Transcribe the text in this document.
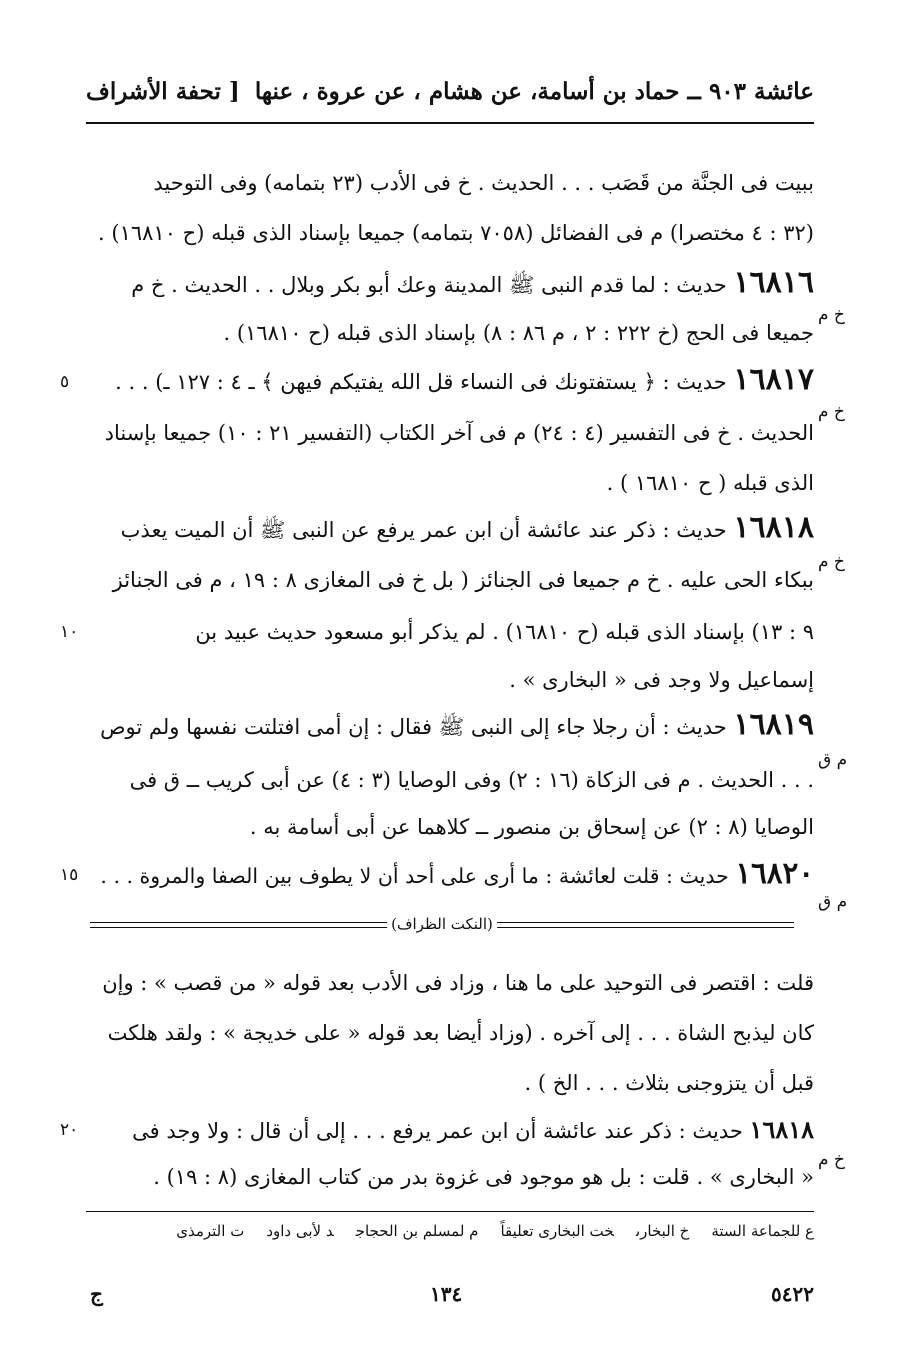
عائشة ٩٠٣ ــ حماد بن أسامة، عن هشام ، عن عروة ، عنها
[ تحفة الأشراف
ببيت فى الجنَّة من قَصَب . . . الحديث . خ فى الأدب (٢٣ بتمامه) وفى التوحيد
(٣٢ : ٤ مختصرا) م فى الفضائل (٧٠٥٨ بتمامه) جميعا بإسناد الذى قبله (ح ١٦٨١٠) .
١٦٨١٦ حديث : لما قدم النبى ﷺ المدينة وعك أبو بكر وبلال . . الحديث . خ م
جميعا فى الحج (خ ٢٢٢ : ٢ ، م ٨٦ : ٨) بإسناد الذى قبله (ح ١٦٨١٠) .
١٦٨١٧ حديث : ﴿ يستفتونك فى النساء قل الله يفتيكم فيهن ﴾ ـ ٤ : ١٢٧ ـ) . . .
الحديث . خ فى التفسير (٤ : ٢٤) م فى آخر الكتاب (التفسير ٢١ : ١٠) جميعا بإسناد
الذى قبله ( ح ١٦٨١٠ ) .
١٦٨١٨ حديث : ذكر عند عائشة أن ابن عمر يرفع عن النبى ﷺ أن الميت يعذب
ببكاء الحى عليه . خ م جميعا فى الجنائز ( بل خ فى المغازى ٨ : ١٩ ، م فى الجنائز
٩ : ١٣) بإسناد الذى قبله (ح ١٦٨١٠) . لم يذكر أبو مسعود حديث عبيد بن
إسماعيل ولا وجد فى « البخارى » .
١٦٨١٩ حديث : أن رجلا جاء إلى النبى ﷺ فقال : إن أمى افتلتت نفسها ولم توص
. . . الحديث . م فى الزكاة (١٦ : ٢) وفى الوصايا (٣ : ٤) عن أبى كريب ــ ق فى
الوصايا (٨ : ٢) عن إسحاق بن منصور ــ كلاهما عن أبى أسامة به .
١٦٨٢٠ حديث : قلت لعائشة : ما أرى على أحد أن لا يطوف بين الصفا والمروة . . .
قلت : اقتصر فى التوحيد على ما هنا ، وزاد فى الأدب بعد قوله « من قصب » : وإن
كان ليذبح الشاة . . . إلى آخره . (وزاد أيضا بعد قوله « على خديجة » : ولقد هلكت
قبل أن يتزوجنى بثلاث . . . الخ ) .
١٦٨١٨ حديث : ذكر عند عائشة أن ابن عمر يرفع . . . إلى أن قال : ولا وجد فى
« البخارى » . قلت : بل هو موجود فى غزوة بدر من كتاب المغازى (٨ : ١٩) .
خ م
خ م
خ م
م ق
م ق
خ م
٥
١٠
١٥
٢٠
(النكت الظراف)
ع للجماعة الستةخ البخارىخت البخارى تعليقاًم لمسلم بن الحجاجد لأبى داودت الترمذى
١٣٤	٥٤٢٢
ج
